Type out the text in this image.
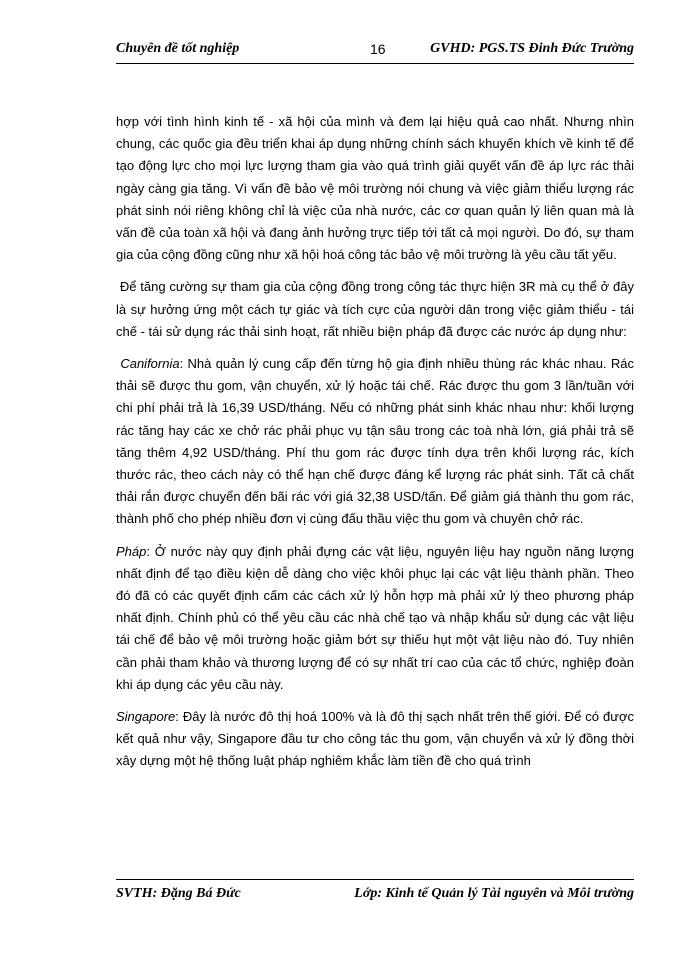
Chuyên đề tốt nghiệp	16	GVHD: PGS.TS Đinh Đức Trường

hợp với tình hình kinh tế - xã hội của mình và đem lại hiệu quả cao nhất. Nhưng nhìn chung, các quốc gia đều triển khai áp dụng những chính sách khuyến khích về kinh tế để tạo động lực cho mọi lực lượng tham gia vào quá trình giải quyết vấn đề áp lực rác thải ngày càng gia tăng. Vì vấn đề bảo vệ môi trường nói chung và việc giảm thiểu lượng rác phát sinh nói riêng không chỉ là việc của nhà nước, các cơ quan quản lý liên quan mà là vấn đề của toàn xã hội và đang ảnh hưởng trực tiếp tới tất cả mọi người. Do đó, sự tham gia của cộng đồng cũng như xã hội hoá công tác bảo vệ môi trường là yêu cầu tất yếu.

Để tăng cường sự tham gia của cộng đồng trong công tác thực hiện 3R mà cụ thể ở đây là sự hưởng ứng một cách tự giác và tích cực của người dân trong việc giảm thiểu - tái chế - tái sử dụng rác thải sinh hoạt, rất nhiều biện pháp đã được các nước áp dụng như:

Canifornia: Nhà quản lý cung cấp đến từng hộ gia định nhiều thùng rác khác nhau. Rác thải sẽ được thu gom, vận chuyển, xử lý hoặc tái chế. Rác được thu gom 3 lần/tuần với chi phí phải trả là 16,39 USD/tháng. Nếu có những phát sinh khác nhau như: khối lượng rác tăng hay các xe chở rác phải phục vụ tận sâu trong các toà nhà lớn, giá phải trả sẽ tăng thêm 4,92 USD/tháng. Phí thu gom rác được tính dựa trên khối lượng rác, kích thước rác, theo cách này có thể hạn chế được đáng kể lượng rác phát sinh. Tất cả chất thải rắn được chuyển đến bãi rác với giá 32,38 USD/tấn. Để giảm giá thành thu gom rác, thành phố cho phép nhiều đơn vị cùng đấu thầu việc thu gom và chuyên chở rác.

Pháp: Ở nước này quy định phải đựng các vật liệu, nguyên liệu hay nguồn năng lượng nhất định để tạo điều kiện dễ dàng cho việc khôi phục lại các vật liệu thành phần. Theo đó đã có các quyết định cấm các cách xử lý hỗn hợp mà phải xử lý theo phương pháp nhất định. Chính phủ có thể yêu cầu các nhà chế tạo và nhập khẩu sử dụng các vật liệu tái chế để bảo vệ môi trường hoặc giảm bớt sự thiếu hụt một vật liệu nào đó. Tuy nhiên cần phải tham khảo và thương lượng để có sự nhất trí cao của các tổ chức, nghiệp đoàn khi áp dụng các yêu cầu này.

Singapore: Đây là nước đô thị hoá 100% và là đô thị sạch nhất trên thế giới. Để có được kết quả như vậy, Singapore đầu tư cho công tác thu gom, vận chuyển và xử lý đồng thời xây dựng một hệ thống luật pháp nghiêm khắc làm tiền đề cho quá trình

SVTH: Đặng Bá Đức	Lớp: Kinh tế Quản lý Tài nguyên và Môi trường
